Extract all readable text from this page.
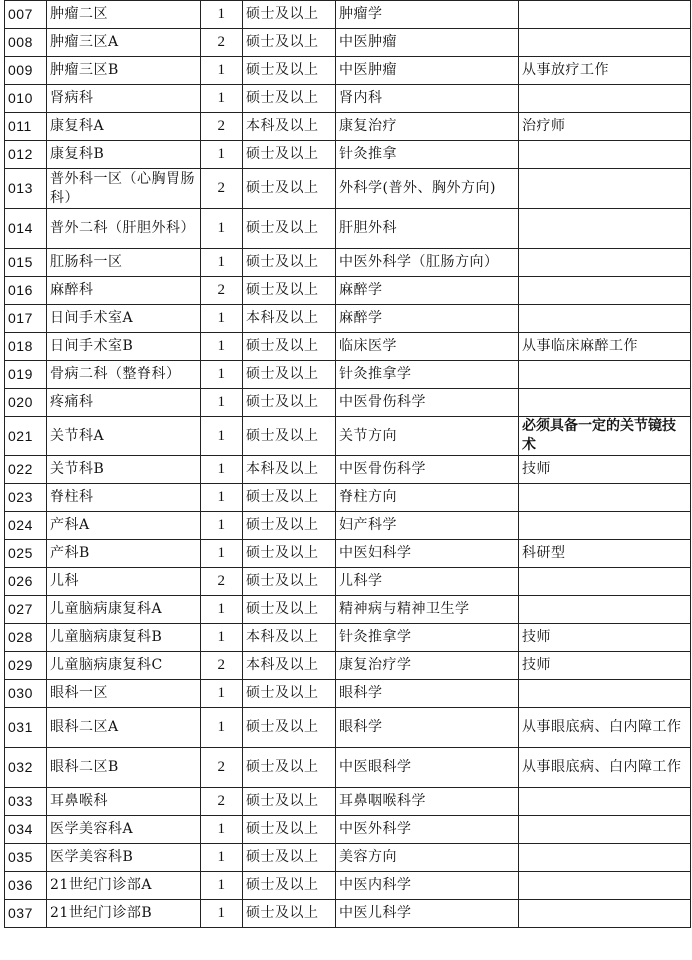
007	肿瘤二区	1	硕士及以上	肿瘤学	
008	肿瘤三区A	2	硕士及以上	中医肿瘤	
009	肿瘤三区B	1	硕士及以上	中医肿瘤	从事放疗工作
010	肾病科	1	硕士及以上	肾内科	
011	康复科A	2	本科及以上	康复治疗	治疗师
012	康复科B	1	硕士及以上	针灸推拿	
013	普外科一区（心胸胃肠科）	2	硕士及以上	外科学(普外、胸外方向)	
014	普外二科（肝胆外科）	1	硕士及以上	肝胆外科	
015	肛肠科一区	1	硕士及以上	中医外科学（肛肠方向）	
016	麻醉科	2	硕士及以上	麻醉学	
017	日间手术室A	1	本科及以上	麻醉学	
018	日间手术室B	1	硕士及以上	临床医学	从事临床麻醉工作
019	骨病二科（整脊科）	1	硕士及以上	针灸推拿学	
020	疼痛科	1	硕士及以上	中医骨伤科学	
021	关节科A	1	硕士及以上	关节方向	必须具备一定的关节镜技术
022	关节科B	1	本科及以上	中医骨伤科学	技师
023	脊柱科	1	硕士及以上	脊柱方向	
024	产科A	1	硕士及以上	妇产科学	
025	产科B	1	硕士及以上	中医妇科学	科研型
026	儿科	2	硕士及以上	儿科学	
027	儿童脑病康复科A	1	硕士及以上	精神病与精神卫生学	
028	儿童脑病康复科B	1	本科及以上	针灸推拿学	技师
029	儿童脑病康复科C	2	本科及以上	康复治疗学	技师
030	眼科一区	1	硕士及以上	眼科学	
031	眼科二区A	1	硕士及以上	眼科学	从事眼底病、白内障工作
032	眼科二区B	2	硕士及以上	中医眼科学	从事眼底病、白内障工作
033	耳鼻喉科	2	硕士及以上	耳鼻咽喉科学	
034	医学美容科A	1	硕士及以上	中医外科学	
035	医学美容科B	1	硕士及以上	美容方向	
036	21世纪门诊部A	1	硕士及以上	中医内科学	
037	21世纪门诊部B	1	硕士及以上	中医儿科学	
